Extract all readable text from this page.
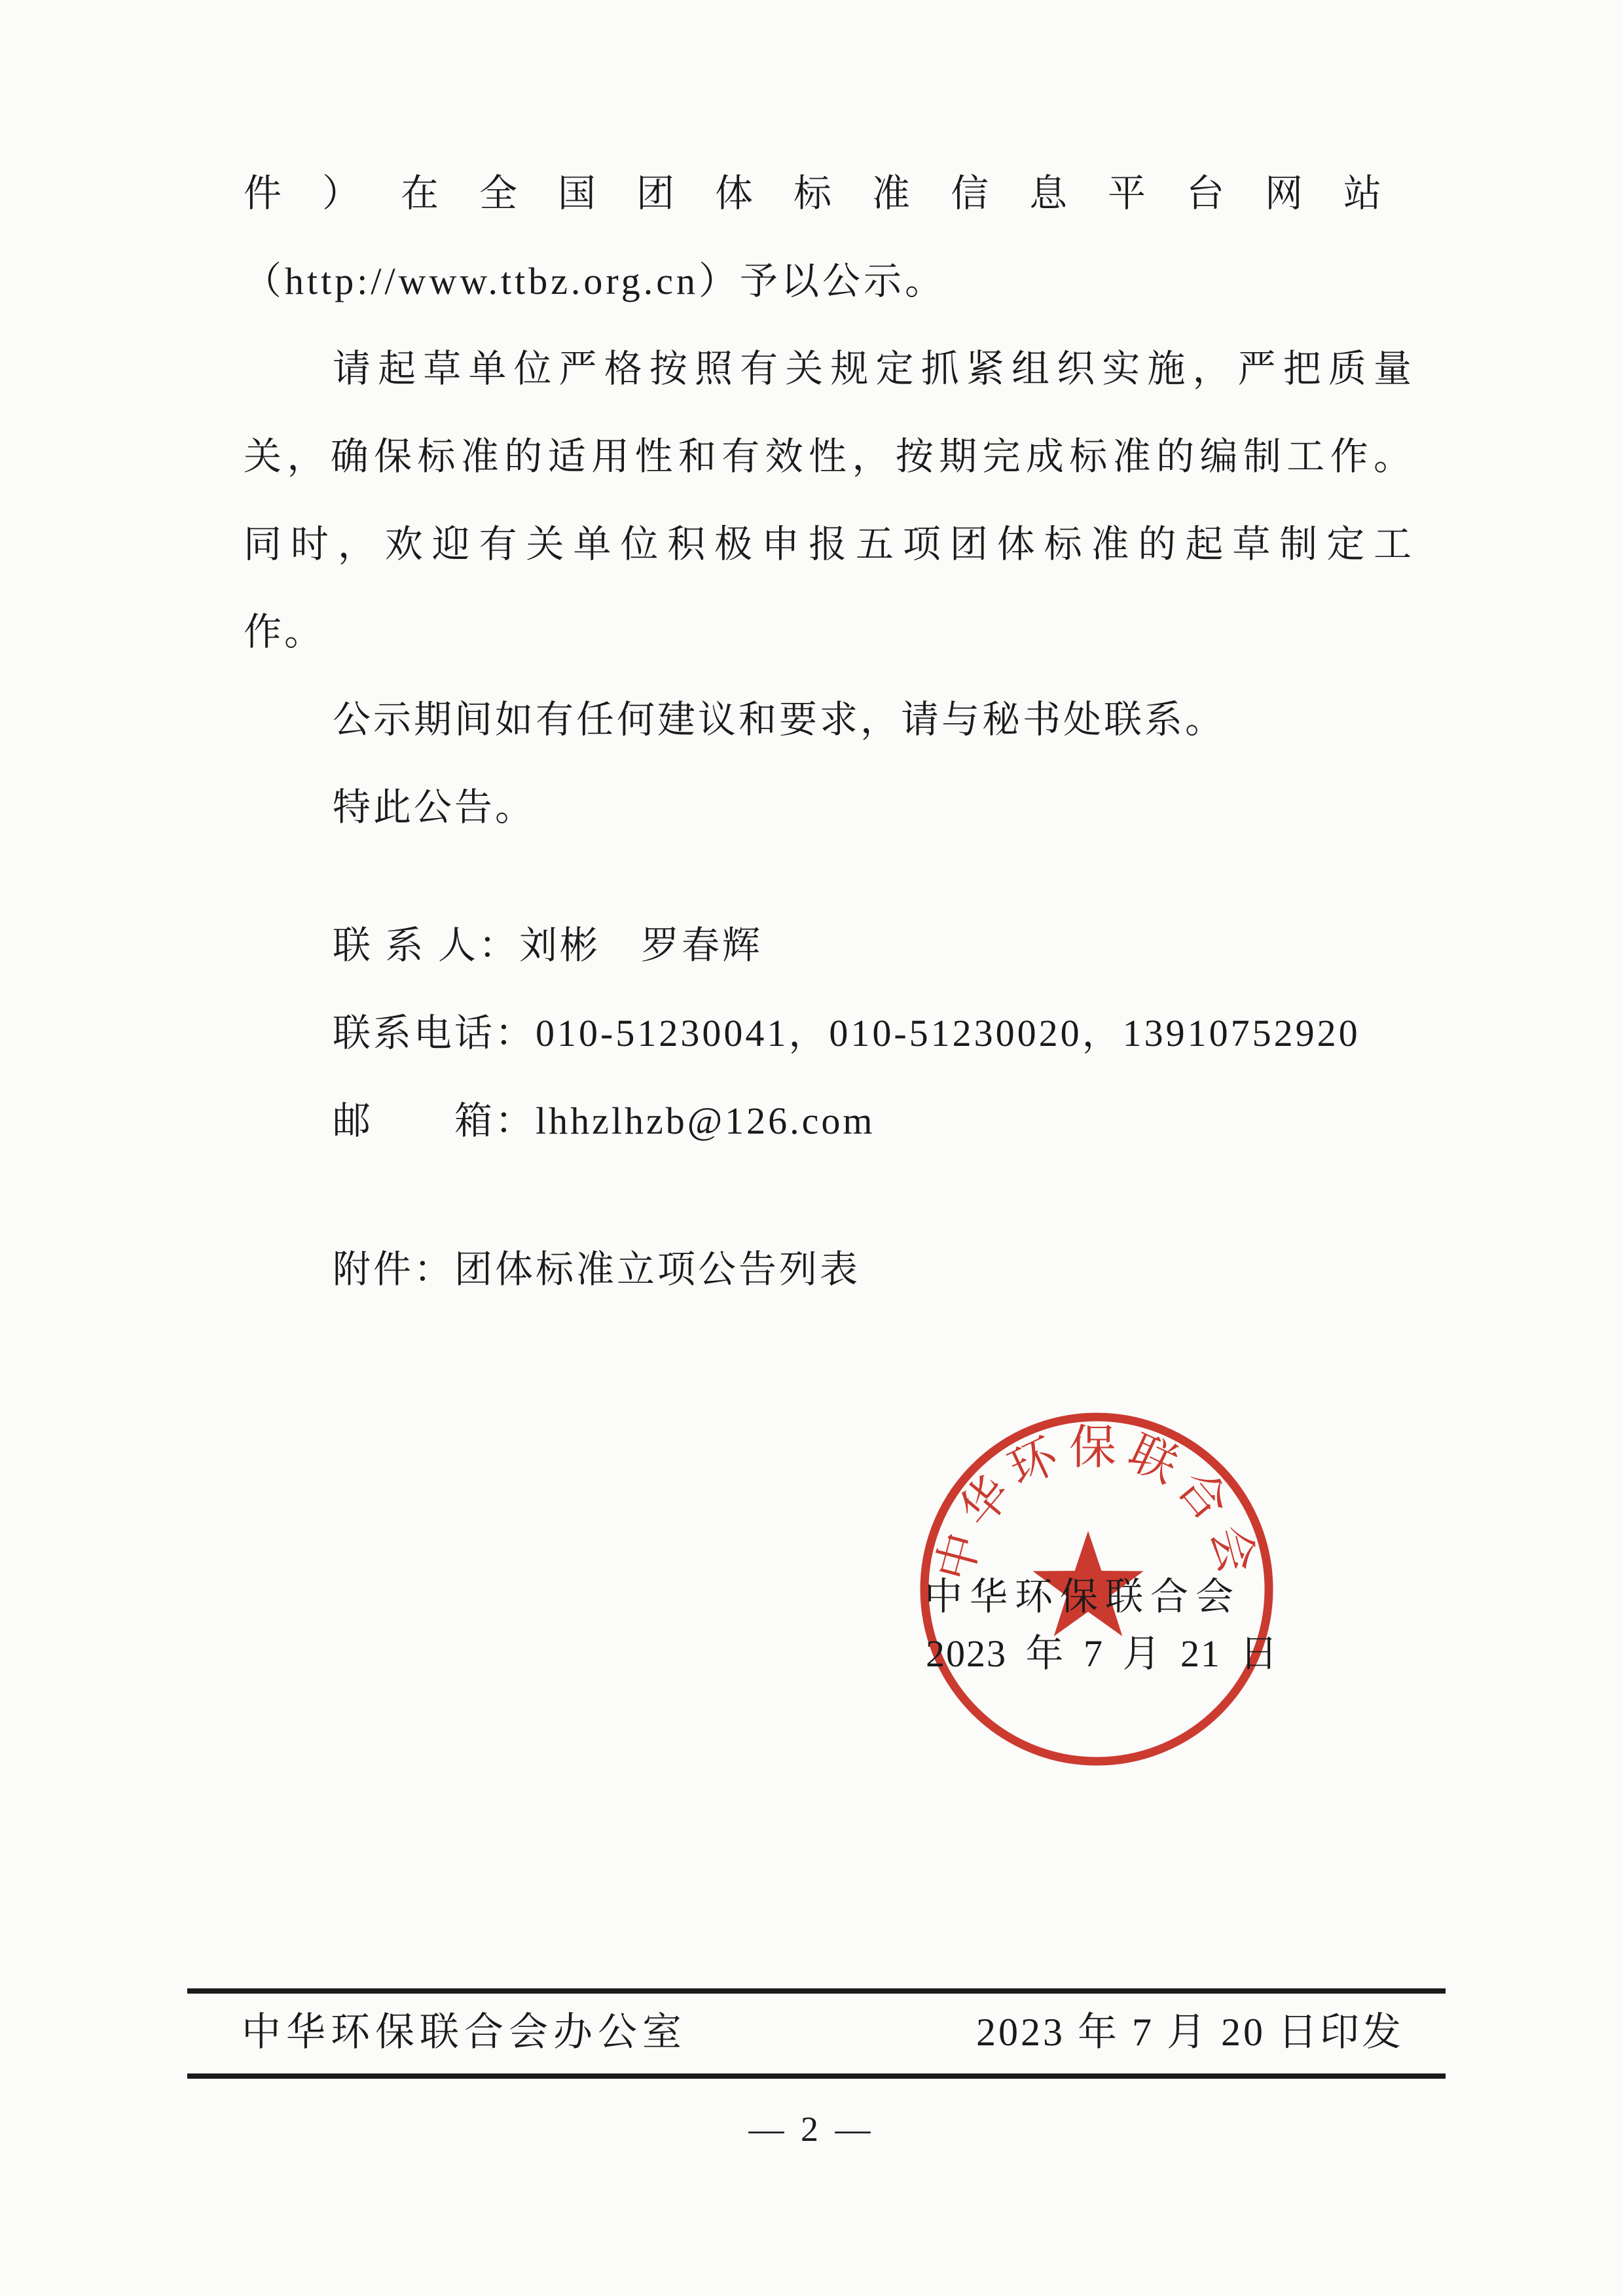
件）在全国团体标准信息平台网站
（http://www.ttbz.org.cn）予以公示。
请起草单位严格按照有关规定抓紧组织实施，严把质量
关，确保标准的适用性和有效性，按期完成标准的编制工作。
同时，欢迎有关单位积极申报五项团体标准的起草制定工
作。
公示期间如有任何建议和要求，请与秘书处联系。
特此公告。
联 系 人：刘彬　罗春辉
联系电话：010-51230041，010-51230020，13910752920
邮　　箱：lhhzlhzb@126.com
附件：团体标准立项公告列表
中华环保联合会
中华环保联合会
2023 年 7 月 21 日
中华环保联合会办公室	2023 年 7 月 20 日印发
— 2 —
